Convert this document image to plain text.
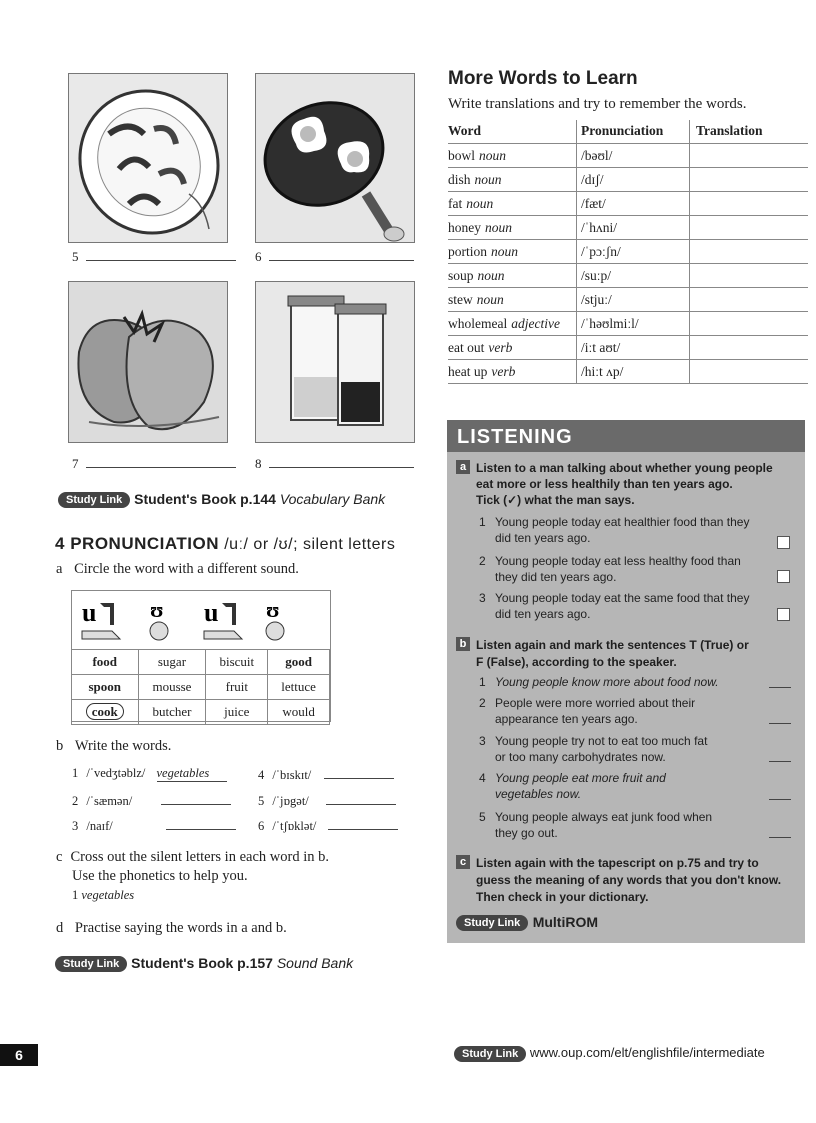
5	6
7	8
Study Link Student's Book p.144 Vocabulary Bank
4 PRONUNCIATION /uː/ or /ʊ/; silent letters
a Circle the word with a different sound.
u ʊ u ʊ
food	sugar	biscuit	good
spoon	mousse	fruit	lettuce
cook	butcher	juice	would
b Write the words.
1 /ˈvedʒtəblz/ vegetables
2 /ˈsæmən/
3 /naɪf/
4 /ˈbɪskɪt/
5 /ˈjɒgət/
6 /ˈtʃɒklət/
c Cross out the silent letters in each word in b.
Use the phonetics to help you.
1 vegetables
d Practise saying the words in a and b.
Study Link Student's Book p.157 Sound Bank
More Words to Learn
Write translations and try to remember the words.
Word	Pronunciation	Translation
bowl noun	/bəʊl/	
dish noun	/dɪʃ/	
fat noun	/fæt/	
honey noun	/ˈhʌni/	
portion noun	/ˈpɔːʃn/	
soup noun	/suːp/	
stew noun	/stjuː/	
wholemeal adjective	/ˈhəʊlmiːl/	
eat out verb	/iːt aʊt/	
heat up verb	/hiːt ʌp/	
LISTENING
a Listen to a man talking about whether young people
eat more or less healthily than ten years ago.
Tick (✓) what the man says.
1 Young people today eat healthier food than they
did ten years ago.
2 Young people today eat less healthy food than
they did ten years ago.
3 Young people today eat the same food that they
did ten years ago.
b Listen again and mark the sentences T (True) or
F (False), according to the speaker.
1 Young people know more about food now.
2 People were more worried about their
appearance ten years ago.
3 Young people try not to eat too much fat
or too many carbohydrates now.
4 Young people eat more fruit and
vegetables now.
5 Young people always eat junk food when
they go out.
c Listen again with the tapescript on p.75 and try to
guess the meaning of any words that you don't know.
Then check in your dictionary.
Study Link MultiROM
6	Study Link www.oup.com/elt/englishfile/intermediate
